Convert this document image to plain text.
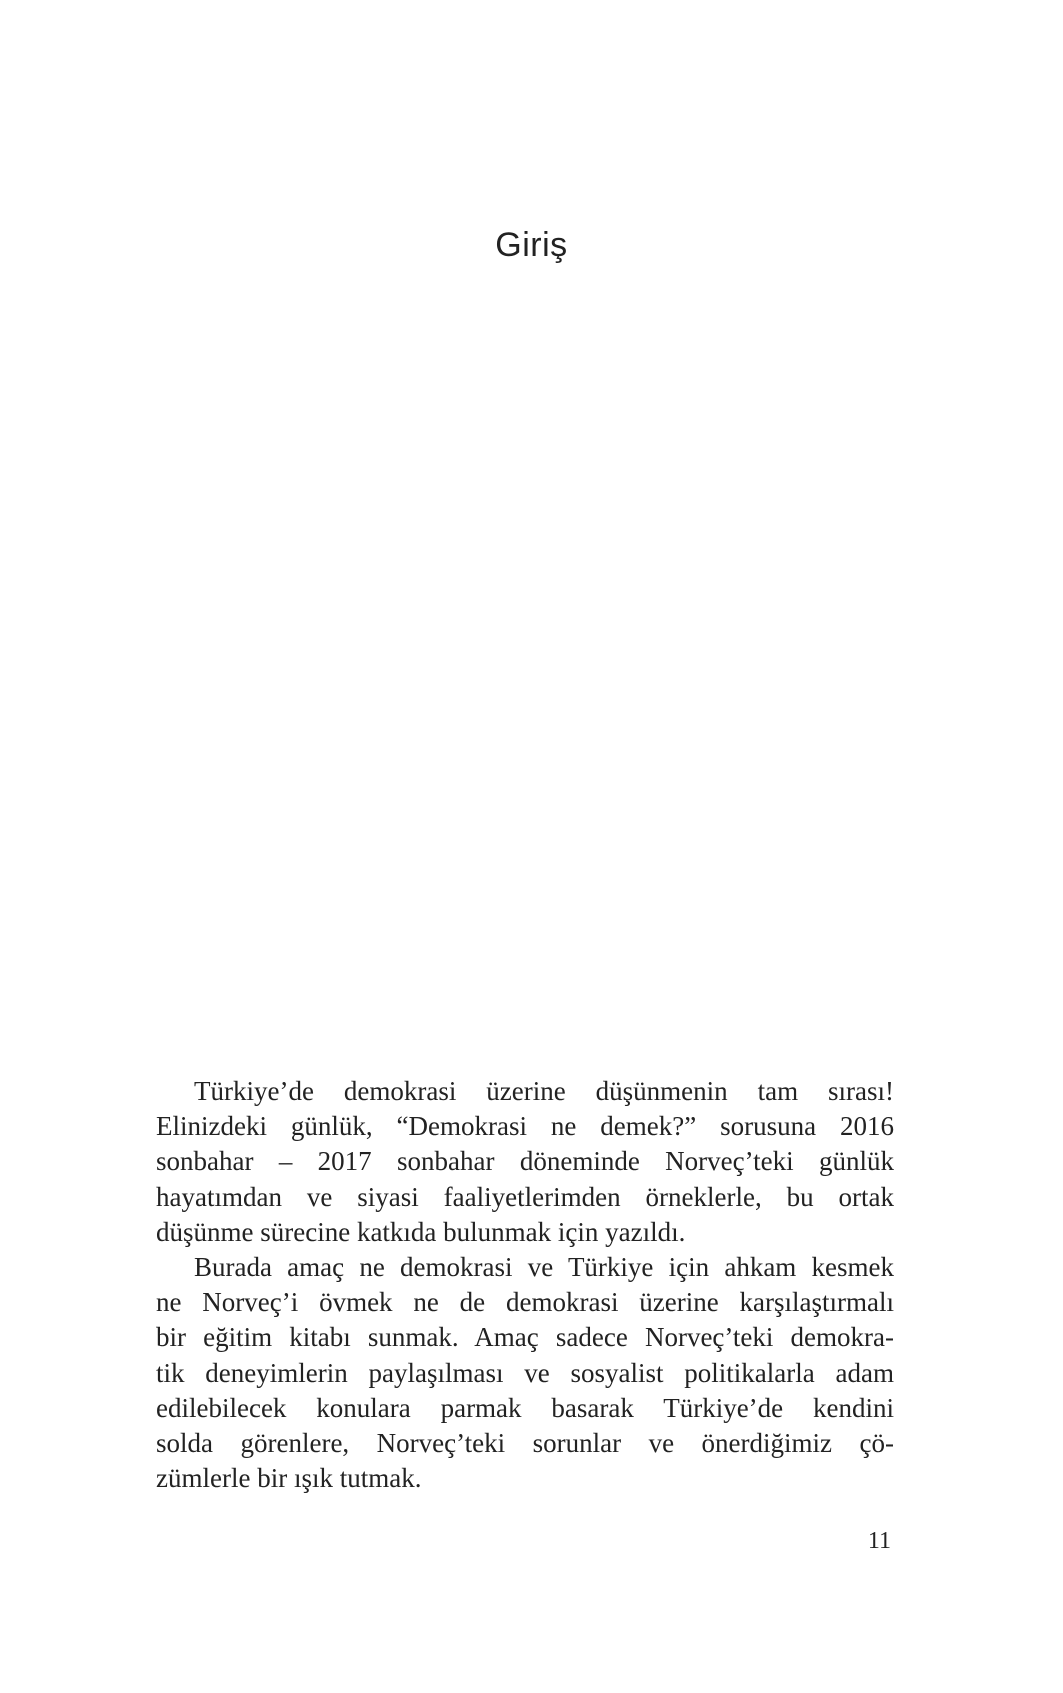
Giriş
Türkiye’de demokrasi üzerine düşünmenin tam sırası!
Elinizdeki günlük, “Demokrasi ne demek?” sorusuna 2016
sonbahar – 2017 sonbahar döneminde Norveç’teki günlük
hayatımdan ve siyasi faaliyetlerimden örneklerle, bu ortak
düşünme sürecine katkıda bulunmak için yazıldı.
Burada amaç ne demokrasi ve Türkiye için ahkam kesmek
ne Norveç’i övmek ne de demokrasi üzerine karşılaştırmalı
bir eğitim kitabı sunmak. Amaç sadece Norveç’teki demokra-
tik deneyimlerin paylaşılması ve sosyalist politikalarla adam
edilebilecek konulara parmak basarak Türkiye’de kendini
solda görenlere, Norveç’teki sorunlar ve önerdiğimiz çö-
zümlerle bir ışık tutmak.
11
